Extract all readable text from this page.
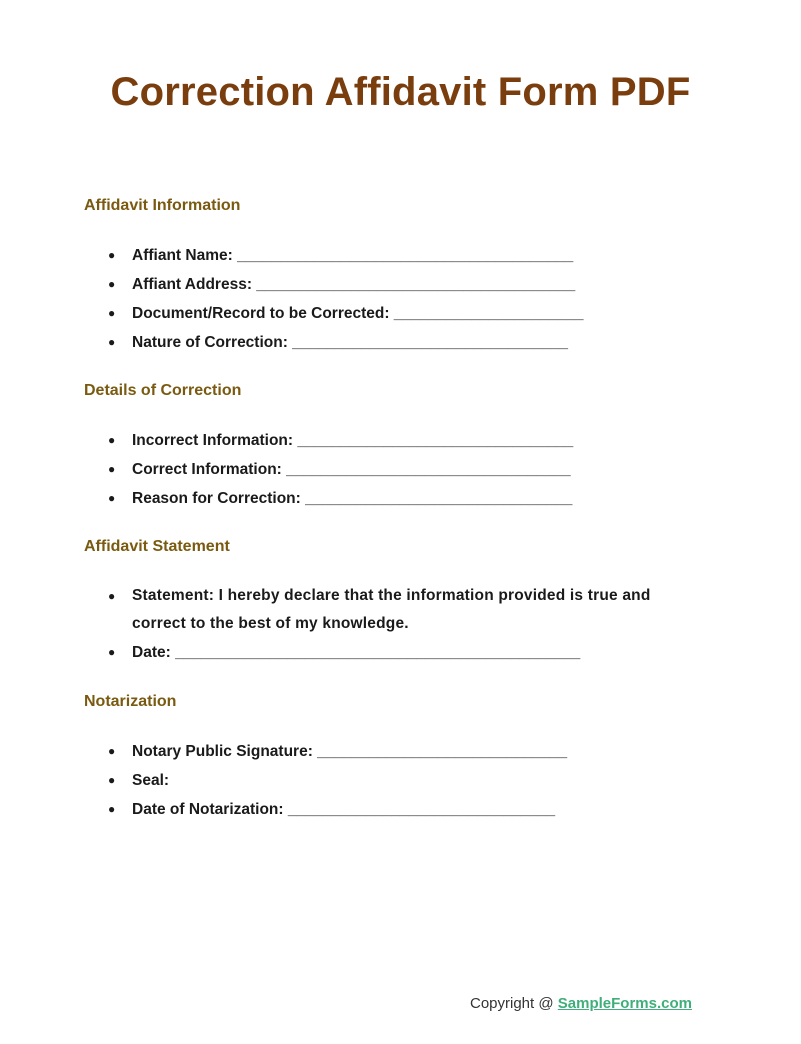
Correction Affidavit Form PDF
Affidavit Information
● Affiant Name: _______________________________________
● Affiant Address: _____________________________________
● Document/Record to be Corrected: ______________________
● Nature of Correction: ________________________________
Details of Correction
● Incorrect Information: ________________________________
● Correct Information: _________________________________
● Reason for Correction: _______________________________
Affidavit Statement
● Statement: I hereby declare that the information provided is true and correct to the best of my knowledge.
● Date: _______________________________________________
Notarization
● Notary Public Signature: _____________________________
● Seal:
● Date of Notarization: _______________________________
Copyright @ SampleForms.com
